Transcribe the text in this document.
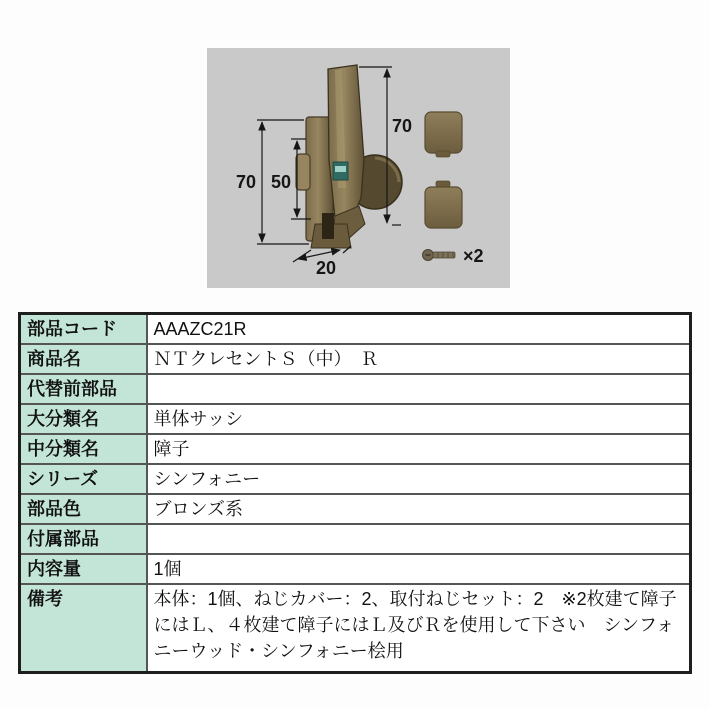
70
70 50
20
×2
部品コード	AAAZC21R
商品名	ＮＴクレセントＳ（中）　Ｒ
代替前部品	
大分類名	単体サッシ
中分類名	障子
シリーズ	シンフォニー
部品色	ブロンズ系
付属部品	
内容量	1個
備考	本体：1個、ねじカバー：2、取付ねじセット：2　※2枚建て障子にはＬ、４枚建て障子にはＬ及びＲを使用して下さい　シンフォニーウッド・シンフォニー桧用
